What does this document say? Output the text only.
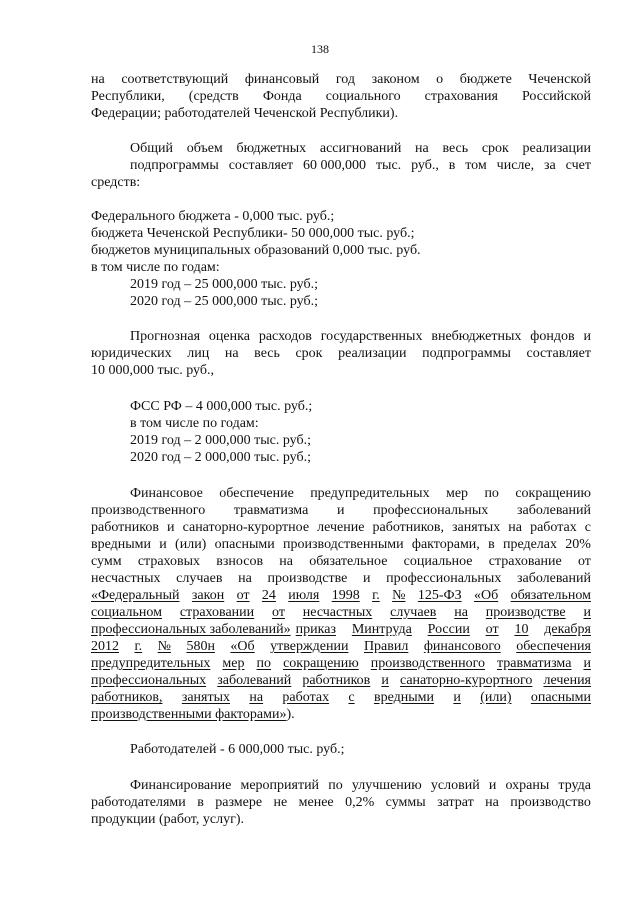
138
на соответствующий финансовый год законом о бюджете Чеченской
Республики, (средств Фонда социального страхования Российской
Федерации; работодателей Чеченской Республики).
Общий объем бюджетных ассигнований на весь срок реализации
подпрограммы составляет 60 000,000 тыс. руб., в том числе, за счет
средств:
Федерального бюджета - 0,000 тыс. руб.;
бюджета Чеченской Республики- 50 000,000 тыс. руб.;
бюджетов муниципальных образований 0,000 тыс. руб.
в том числе по годам:
2019 год – 25 000,000 тыс. руб.;
2020 год – 25 000,000 тыс. руб.;
Прогнозная оценка расходов государственных внебюджетных фондов и
юридических лиц на весь срок реализации подпрограммы составляет
10 000,000 тыс. руб.,
ФСС РФ – 4 000,000 тыс. руб.;
в том числе по годам:
2019 год – 2 000,000 тыс. руб.;
2020 год – 2 000,000 тыс. руб.;
Финансовое обеспечение предупредительных мер по сокращению
производственного травматизма и профессиональных заболеваний
работников и санаторно-курортное лечение работников, занятых на работах с
вредными и (или) опасными производственными факторами, в пределах 20%
сумм страховых взносов на обязательное социальное страхование от
несчастных случаев на производстве и профессиональных заболеваний
«Федеральный закон от 24 июля 1998 г. № 125-ФЗ «Об обязательном
социальном страховании от несчастных случаев на производстве и
профессиональных заболеваний» приказ Минтруда России от 10 декабря
2012 г. № 580н «Об утверждении Правил финансового обеспечения
предупредительных мер по сокращению производственного травматизма и
профессиональных заболеваний работников и санаторно-курортного лечения
работников, занятых на работах с вредными и (или) опасными
производственными факторами»).
Работодателей - 6 000,000 тыс. руб.;
Финансирование мероприятий по улучшению условий и охраны труда
работодателями в размере не менее 0,2% суммы затрат на производство
продукции (работ, услуг).
